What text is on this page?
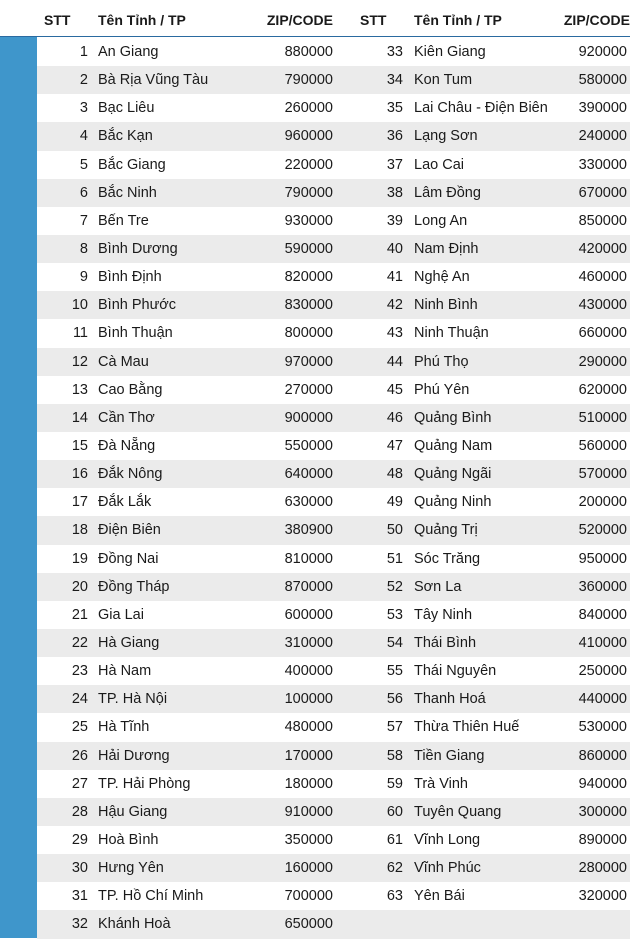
STT Tên Tỉnh / TP	ZIP/CODE STT Tên Tỉnh / TP	ZIP/CODE
1 An Giang	880000	33 Kiên Giang	920000
2 Bà Rịa Vũng Tàu	790000	34 Kon Tum	580000
3 Bạc Liêu	260000	35 Lai Châu - Điện Biên 390000
4 Bắc Kạn	960000	36 Lạng Sơn	240000
5 Bắc Giang	220000	37 Lao Cai	330000
6 Bắc Ninh	790000	38 Lâm Đồng	670000
7 Bến Tre	930000	39 Long An	850000
8 Bình Dương	590000	40 Nam Định	420000
9 Bình Định	820000	41 Nghệ An	460000
10 Bình Phước	830000	42 Ninh Bình	430000
11 Bình Thuận	800000	43 Ninh Thuận	660000
12 Cà Mau	970000	44 Phú Thọ	290000
13 Cao Bằng	270000	45 Phú Yên	620000
14 Cần Thơ	900000	46 Quảng Bình	510000
15 Đà Nẵng	550000	47 Quảng Nam	560000
16 Đắk Nông	640000	48 Quảng Ngãi	570000
17 Đắk Lắk	630000	49 Quảng Ninh	200000
18 Điện Biên	380900	50 Quảng Trị	520000
19 Đồng Nai	810000	51 Sóc Trăng	950000
20 Đồng Tháp	870000	52 Sơn La	360000
21 Gia Lai	600000	53 Tây Ninh	840000
22 Hà Giang	310000	54 Thái Bình	410000
23 Hà Nam	400000	55 Thái Nguyên	250000
24 TP. Hà Nội	100000	56 Thanh Hoá	440000
25 Hà Tĩnh	480000	57 Thừa Thiên Huế	530000
26 Hải Dương	170000	58 Tiền Giang	860000
27 TP. Hải Phòng	180000	59 Trà Vinh	940000
28 Hậu Giang	910000	60 Tuyên Quang	300000
29 Hoà Bình	350000	61 Vĩnh Long	890000
30 Hưng Yên	160000	62 Vĩnh Phúc	280000
31 TP. Hồ Chí Minh	700000	63 Yên Bái	320000
32 Khánh Hoà	650000
